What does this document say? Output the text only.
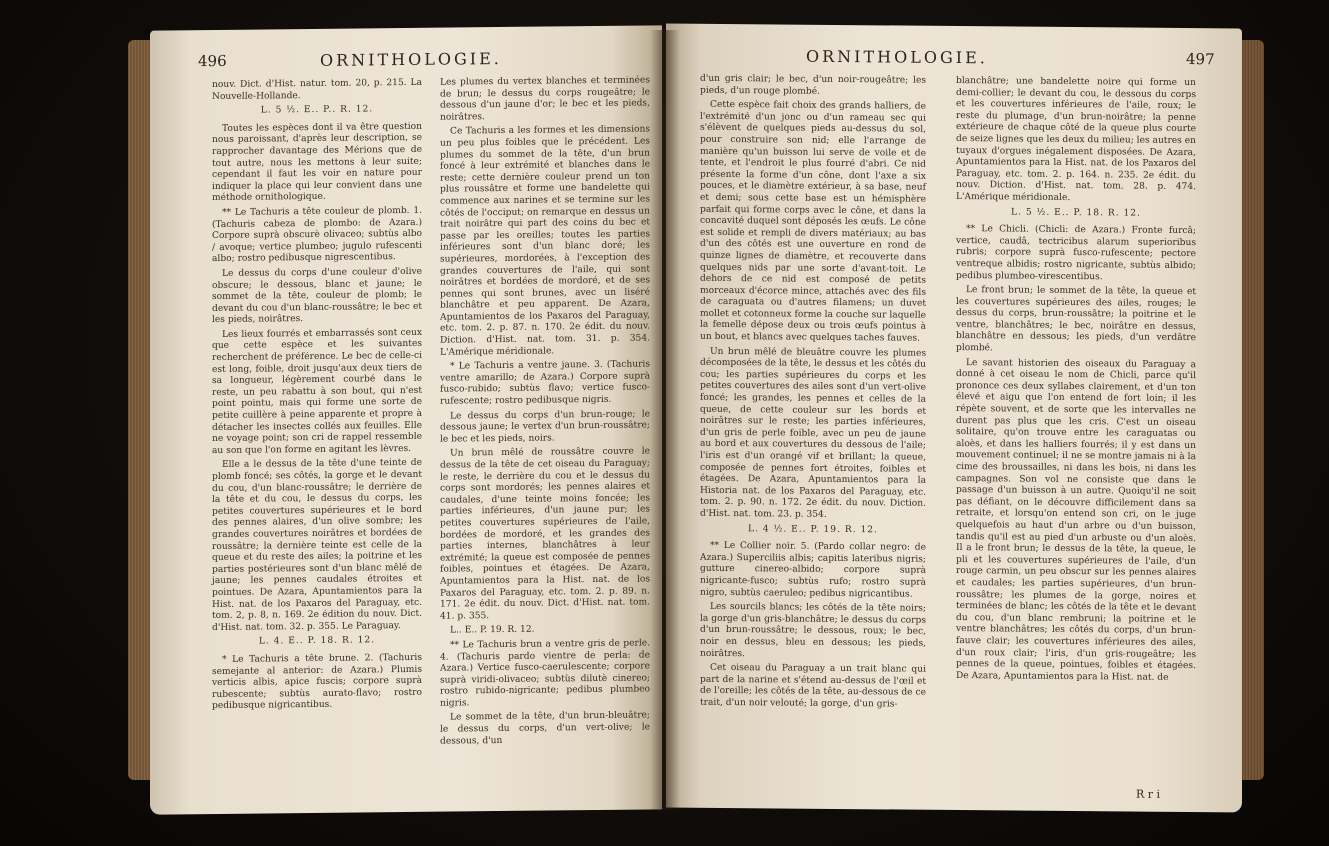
496	ORNITHOLOGIE.

nouv. Dict. d'Hist. natur. tom. 20, p. 215. La Nouvelle-Hollande.

L. 5 ½. E.. P.. R. 12.

Toutes les espèces dont il va être question nous paroissant, d'après leur description, se rapprocher davantage des Mérions que de tout autre, nous les mettons à leur suite; cependant il faut les voir en nature pour indiquer la place qui leur convient dans une méthode ornithologique.

** Le Tachuris a tête couleur de plomb. 1. (Tachuris cabeza de plombo: de Azara.) Corpore suprà obscurè olivaceo; subtùs albo / avoque; vertice plumbeo; jugulo rufescenti albo; rostro pedibusque nigrescentibus.

Le dessus du corps d'une couleur d'olive obscure; le dessous, blanc et jaune; le sommet de la tête, couleur de plomb; le devant du cou d'un blanc-roussâtre; le bec et les pieds, noirâtres.

Les lieux fourrés et embarrassés sont ceux que cette espèce et les suivantes recherchent de préférence. Le bec de celle-ci est long, foible, droit jusqu'aux deux tiers de sa longueur, légèrement courbé dans le reste, un peu rabattu à son bout, qui n'est point pointu, mais qui forme une sorte de petite cuillère à peine apparente et propre à détacher les insectes collés aux feuilles. Elle ne voyage point; son cri de rappel ressemble au son que l'on forme en agitant les lèvres.

Elle a le dessus de la tête d'une teinte de plomb foncé; ses côtés, la gorge et le devant du cou, d'un blanc-roussâtre; le derrière de la tête et du cou, le dessus du corps, les petites couvertures supérieures et le bord des pennes alaires, d'un olive sombre; les grandes couvertures noirâtres et bordées de roussâtre; la dernière teinte est celle de la queue et du reste des ailes; la poitrine et les parties postérieures sont d'un blanc mêlé de jaune; les pennes caudales étroites et pointues. De Azara, Apuntamientos para la Hist. nat. de los Paxaros del Paraguay, etc. tom. 2, p. 8, n. 169. 2e édition du nouv. Dict. d'Hist. nat. tom. 32. p. 355. Le Paraguay.

L. 4. E.. P. 18. R. 12.

* Le Tachuris a tête brune. 2. (Tachuris semejante al anterior: de Azara.) Plumis verticis albis, apice fuscis; corpore suprà rubescente; subtùs aurato-flavo; rostro pedibusque nigricantibus.

Les plumes du vertex blanches et terminées de brun; le dessus du corps rougeâtre; le dessous d'un jaune d'or; le bec et les pieds, noirâtres.

Ce Tachuris a les formes et les dimensions un peu plus foibles que le précédent. Les plumes du sommet de la tête, d'un brun foncé à leur extrémité et blanches dans le reste; cette dernière couleur prend un ton plus roussâtre et forme une bandelette qui commence aux narines et se termine sur les côtés de l'occiput; on remarque en dessus un trait noirâtre qui part des coins du bec et passe par les oreilles; toutes les parties inférieures sont d'un blanc doré; les supérieures, mordorées, à l'exception des grandes couvertures de l'aile, qui sont noirâtres et bordées de mordoré, et de ses pennes qui sont brunes, avec un liséré blanchâtre et peu apparent. De Azara, Apuntamientos de los Paxaros del Paraguay, etc. tom. 2. p. 87. n. 170. 2e édit. du nouv. Diction. d'Hist. nat. tom. 31. p. 354. L'Amérique méridionale.

* Le Tachuris a ventre jaune. 3. (Tachuris ventre amarillo; de Azara.) Corpore suprà fusco-rubido; subtùs flavo; vertice fusco-rufescente; rostro pedibusque nigris.

Le dessus du corps d'un brun-rouge; le dessous jaune; le vertex d'un brun-roussâtre; le bec et les pieds, noirs.

Un brun mêlé de roussâtre couvre le dessus de la tête de cet oiseau du Paraguay; le reste, le derrière du cou et le dessus du corps sont mordorés; les pennes alaires et caudales, d'une teinte moins foncée; les parties inférieures, d'un jaune pur; les petites couvertures supérieures de l'aile, bordées de mordoré, et les grandes des parties internes, blanchâtres à leur extrémité; la queue est composée de pennes foibles, pointues et étagées. De Azara, Apuntamientos para la Hist. nat. de los Paxaros del Paraguay, etc. tom. 2. p. 89. n. 171. 2e édit. du nouv. Dict. d'Hist. nat. tom. 41. p. 355.

L.. E.. P. 19. R. 12.

** Le Tachuris brun a ventre gris de perle. 4. (Tachuris pardo vientre de perla: de Azara.) Vertice fusco-caerulescente; corpore suprà viridi-olivaceo; subtùs dilutè cinereo; rostro rubido-nigricante; pedibus plumbeo nigris.

Le sommet de la tête, d'un brun-bleuâtre; le dessus du corps, d'un vert-olive; le dessous, d'un

ORNITHOLOGIE.	497

d'un gris clair; le bec, d'un noir-rougeâtre; les pieds, d'un rouge plombé.

Cette espèce fait choix des grands halliers, de l'extrémité d'un jonc ou d'un rameau sec qui s'élèvent de quelques pieds au-dessus du sol, pour construire son nid; elle l'arrange de manière qu'un buisson lui serve de voile et de tente, et l'endroit le plus fourré d'abri. Ce nid présente la forme d'un cône, dont l'axe a six pouces, et le diamètre extérieur, à sa base, neuf et demi; sous cette base est un hémisphère parfait qui forme corps avec le cône, et dans la concavité duquel sont déposés les œufs. Le cône est solide et rempli de divers matériaux; au bas d'un des côtés est une ouverture en rond de quinze lignes de diamètre, et recouverte dans quelques nids par une sorte d'avant-toit. Le dehors de ce nid est composé de petits morceaux d'écorce mince, attachés avec des fils de caraguata ou d'autres filamens; un duvet mollet et cotonneux forme la couche sur laquelle la femelle dépose deux ou trois œufs pointus à un bout, et blancs avec quelques taches fauves.

Un brun mêlé de bleuâtre couvre les plumes décomposées de la tête, le dessus et les côtés du cou; les parties supérieures du corps et les petites couvertures des ailes sont d'un vert-olive foncé; les grandes, les pennes et celles de la queue, de cette couleur sur les bords et noirâtres sur le reste; les parties inférieures, d'un gris de perle foible, avec un peu de jaune au bord et aux couvertures du dessous de l'aile; l'iris est d'un orangé vif et brillant; la queue, composée de pennes fort étroites, foibles et étagées. De Azara, Apuntamientos para la Historia nat. de los Paxaros del Paraguay, etc. tom. 2. p. 90. n. 172. 2e édit. du nouv. Diction. d'Hist. nat. tom. 23. p. 354.

L. 4 ½. E.. P. 19. R. 12.

** Le Collier noir. 5. (Pardo collar negro: de Azara.) Superciliis albis; capitis lateribus nigris; gutture cinereo-albido; corpore suprà nigricante-fusco; subtùs rufo; rostro suprà nigro, subtùs caeruleo; pedibus nigricantibus.

Les sourcils blancs; les côtés de la tête noirs; la gorge d'un gris-blanchâtre; le dessus du corps d'un brun-roussâtre; le dessous, roux; le bec, noir en dessus, bleu en dessous; les pieds, noirâtres.

Cet oiseau du Paraguay a un trait blanc qui part de la narine et s'étend au-dessus de l'œil et de l'oreille; les côtés de la tête, au-dessous de ce trait, d'un noir velouté; la gorge, d'un gris-

blanchâtre; une bandelette noire qui forme un demi-collier; le devant du cou, le dessous du corps et les couvertures inférieures de l'aile, roux; le reste du plumage, d'un brun-noirâtre; la penne extérieure de chaque côté de la queue plus courte de seize lignes que les deux du milieu; les autres en tuyaux d'orgues inégalement disposées. De Azara, Apuntamientos para la Hist. nat. de los Paxaros del Paraguay, etc. tom. 2. p. 164. n. 235. 2e édit. du nouv. Diction. d'Hist. nat. tom. 28. p. 474. L'Amérique méridionale.

L. 5 ½. E.. P. 18. R. 12.

** Le Chicli. (Chicli: de Azara.) Fronte furcâ; vertice, caudâ, tectricibus alarum superioribus rubris; corpore suprà fusco-rufescente; pectore ventreque albidis; rostro nigricante, subtùs albido; pedibus plumbeo-virescentibus.

Le front brun; le sommet de la tête, la queue et les couvertures supérieures des ailes, rouges; le dessus du corps, brun-roussâtre; la poitrine et le ventre, blanchâtres; le bec, noirâtre en dessus, blanchâtre en dessous; les pieds, d'un verdâtre plombé.

Le savant historien des oiseaux du Paraguay a donné à cet oiseau le nom de Chicli, parce qu'il prononce ces deux syllabes clairement, et d'un ton élevé et aigu que l'on entend de fort loin; il les répète souvent, et de sorte que les intervalles ne durent pas plus que les cris. C'est un oiseau solitaire, qu'on trouve entre les caraguatas ou aloès, et dans les halliers fourrés; il y est dans un mouvement continuel; il ne se montre jamais ni à la cime des broussailles, ni dans les bois, ni dans les campagnes. Son vol ne consiste que dans le passage d'un buisson à un autre. Quoiqu'il ne soit pas défiant, on le découvre difficilement dans sa retraite, et lorsqu'on entend son cri, on le juge quelquefois au haut d'un arbre ou d'un buisson, tandis qu'il est au pied d'un arbuste ou d'un aloès. Il a le front brun; le dessus de la tête, la queue, le pli et les couvertures supérieures de l'aile, d'un rouge carmin, un peu obscur sur les pennes alaires et caudales; les parties supérieures, d'un brun-roussâtre; les plumes de la gorge, noires et terminées de blanc; les côtés de la tête et le devant du cou, d'un blanc rembruni; la poitrine et le ventre blanchâtres; les côtés du corps, d'un brun-fauve clair; les couvertures inférieures des ailes, d'un roux clair; l'iris, d'un gris-rougeâtre; les pennes de la queue, pointues, foibles et étagées. De Azara, Apuntamientos para la Hist. nat. de

R r i
